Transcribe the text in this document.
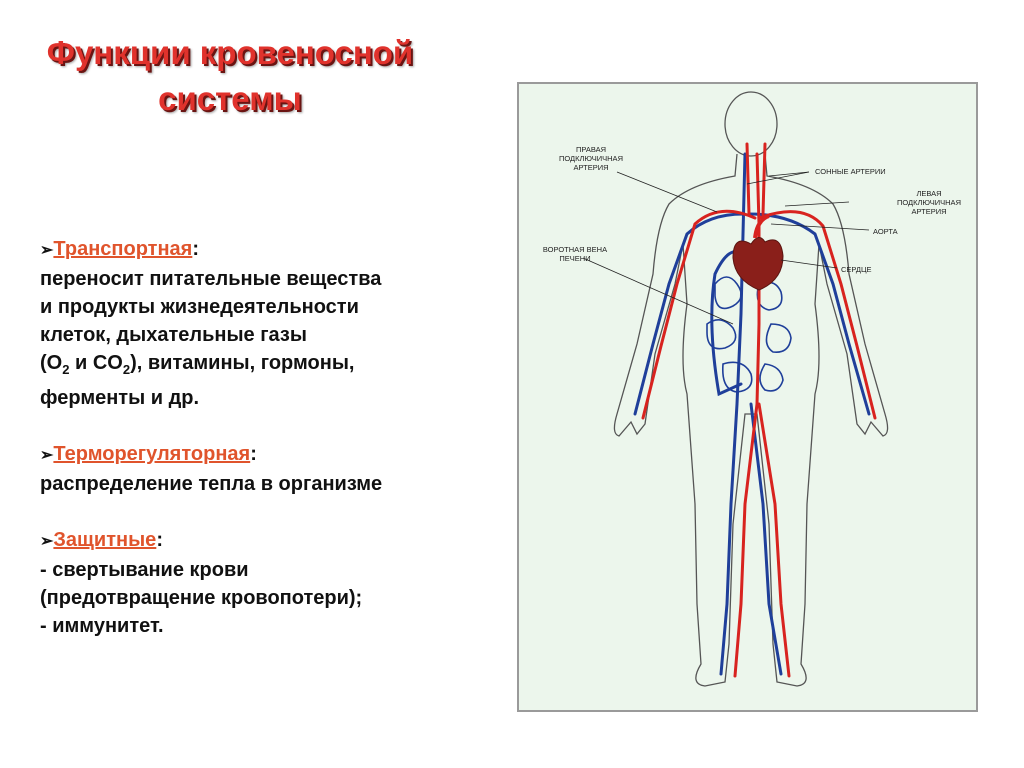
Функции кровеносной
системы
➢Транспортная:
переносит питательные вещества
и продукты жизнедеятельности
клеток, дыхательные газы
($O_2$ и $CO_2$), витамины, гормоны,
ферменты и др.
➢Терморегуляторная:
распределение тепла в организме
➢Защитные:
- свертывание крови
(предотвращение кровопотери);
- иммунитет.
ПРАВАЯ
ПОДКЛЮЧИЧНАЯ
АРТЕРИЯ	СОННЫЕ АРТЕРИИ
ЛЕВАЯ
ПОДКЛЮЧИЧНАЯ
АРТЕРИЯ
АОРТА
ВОРОТНАЯ ВЕНА
ПЕЧЕНИ
СЕРДЦЕ
